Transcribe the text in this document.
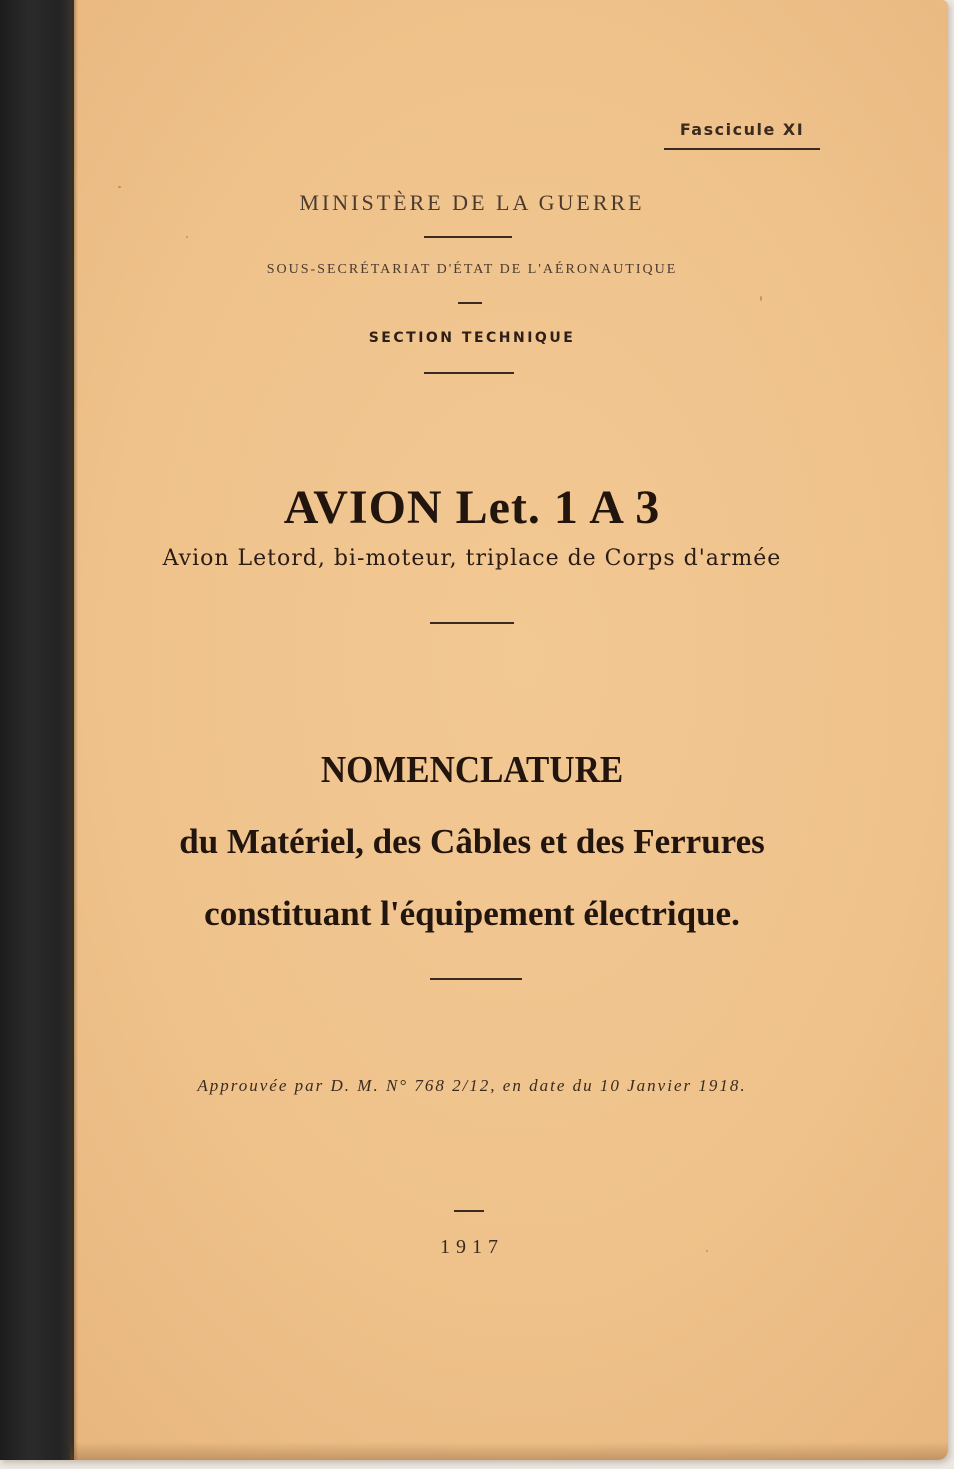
Fascicule XI
MINISTÈRE DE LA GUERRE
SOUS-SECRÉTARIAT D'ÉTAT DE L'AÉRONAUTIQUE
SECTION TECHNIQUE
AVION Let. 1 A 3
Avion Letord, bi-moteur, triplace de Corps d'armée
NOMENCLATURE
du Matériel, des Câbles et des Ferrures
constituant l'équipement électrique.
Approuvée par D. M. N° 768 2/12, en date du 10 Janvier 1918.
1917
